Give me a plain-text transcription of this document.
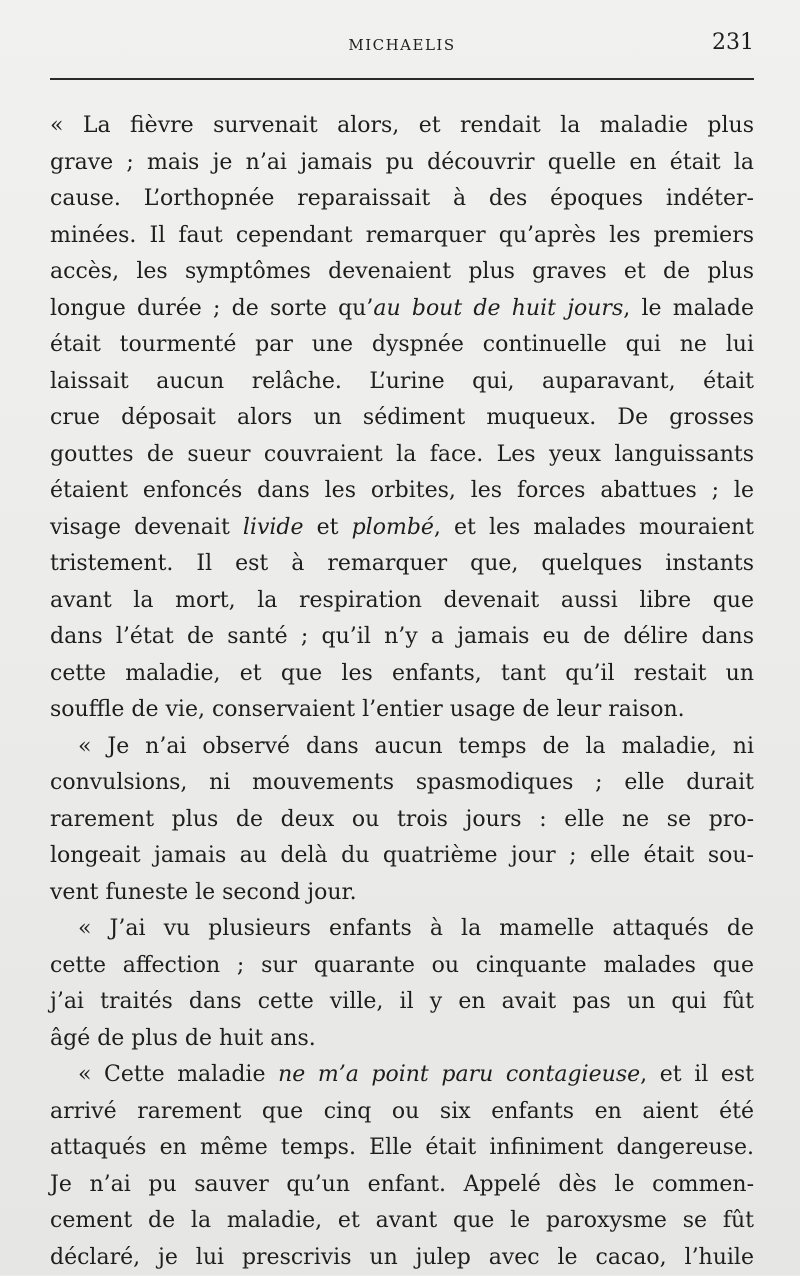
MICHAELIS	231
« La fièvre survenait alors, et rendait la maladie plus
grave ; mais je n’ai jamais pu découvrir quelle en était la
cause. L’orthopnée reparaissait à des époques indéter-
minées. Il faut cependant remarquer qu’après les premiers
accès, les symptômes devenaient plus graves et de plus
longue durée ; de sorte qu’au bout de huit jours, le malade
était tourmenté par une dyspnée continuelle qui ne lui
laissait aucun relâche. L’urine qui, auparavant, était
crue déposait alors un sédiment muqueux. De grosses
gouttes de sueur couvraient la face. Les yeux languissants
étaient enfoncés dans les orbites, les forces abattues ; le
visage devenait livide et plombé, et les malades mouraient
tristement. Il est à remarquer que, quelques instants
avant la mort, la respiration devenait aussi libre que
dans l’état de santé ; qu’il n’y a jamais eu de délire dans
cette maladie, et que les enfants, tant qu’il restait un
souffle de vie, conservaient l’entier usage de leur raison.
« Je n’ai observé dans aucun temps de la maladie, ni
convulsions, ni mouvements spasmodiques ; elle durait
rarement plus de deux ou trois jours : elle ne se pro-
longeait jamais au delà du quatrième jour ; elle était sou-
vent funeste le second jour.
« J’ai vu plusieurs enfants à la mamelle attaqués de
cette affection ; sur quarante ou cinquante malades que
j’ai traités dans cette ville, il y en avait pas un qui fût
âgé de plus de huit ans.
« Cette maladie ne m’a point paru contagieuse, et il est
arrivé rarement que cinq ou six enfants en aient été
attaqués en même temps. Elle était infiniment dangereuse.
Je n’ai pu sauver qu’un enfant. Appelé dès le commen-
cement de la maladie, et avant que le paroxysme se fût
déclaré, je lui prescrivis un julep avec le cacao, l’huile
